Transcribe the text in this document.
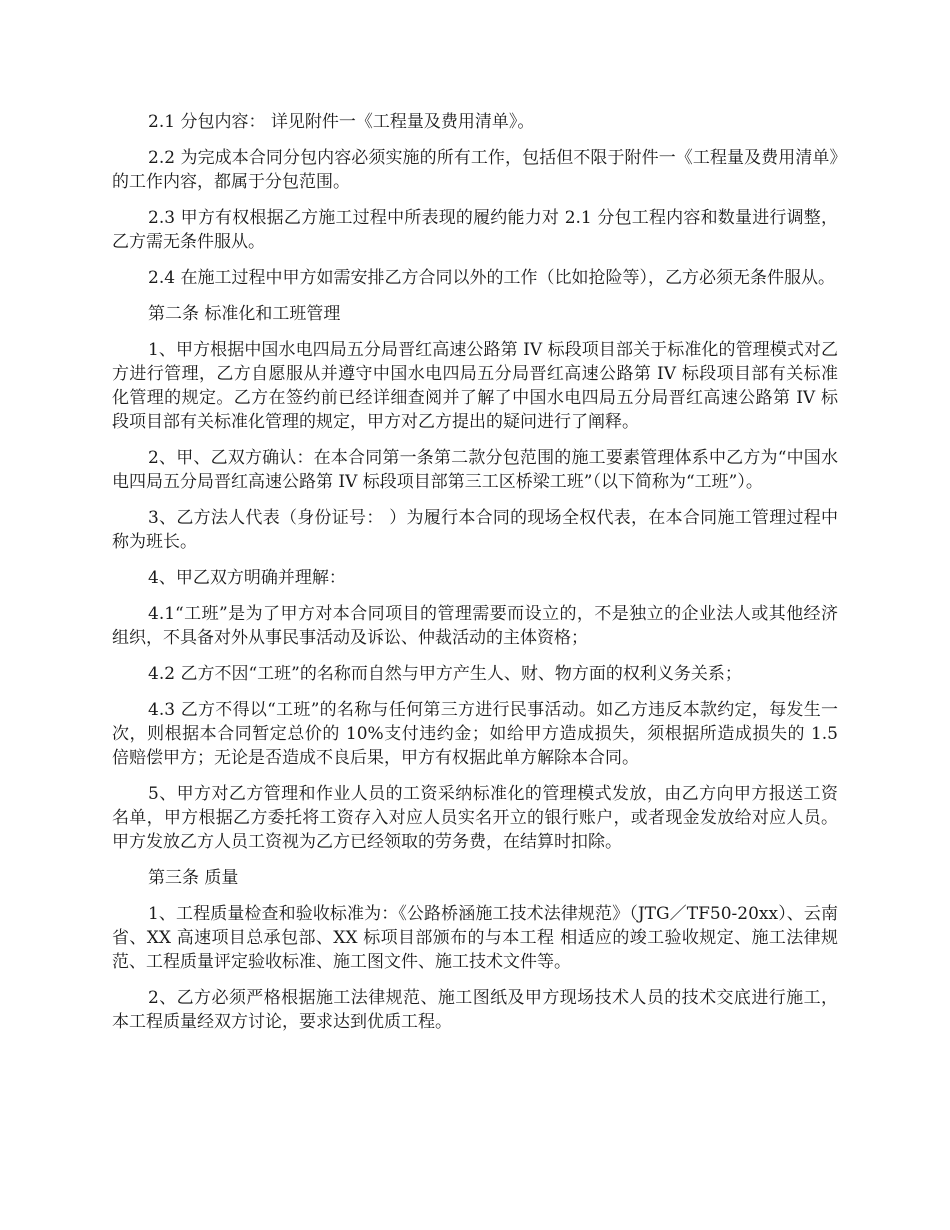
2.1 分包内容： 详见附件一《工程量及费用清单》。

2.2 为完成本合同分包内容必须实施的所有工作，包括但不限于附件一《工程量及费用清单》的工作内容，都属于分包范围。

2.3 甲方有权根据乙方施工过程中所表现的履约能力对 2.1 分包工程内容和数量进行调整，乙方需无条件服从。

2.4 在施工过程中甲方如需安排乙方合同以外的工作（比如抢险等），乙方必须无条件服从。

第二条 标准化和工班管理

1、甲方根据中国水电四局五分局晋红高速公路第 IV 标段项目部关于标准化的管理模式对乙方进行管理，乙方自愿服从并遵守中国水电四局五分局晋红高速公路第 IV 标段项目部有关标准化管理的规定。乙方在签约前已经详细查阅并了解了中国水电四局五分局晋红高速公路第 IV 标段项目部有关标准化管理的规定，甲方对乙方提出的疑问进行了阐释。

2、甲、乙双方确认：在本合同第一条第二款分包范围的施工要素管理体系中乙方为“中国水电四局五分局晋红高速公路第 IV 标段项目部第三工区桥梁工班”（以下简称为“工班”）。

3、乙方法人代表（身份证号： ）为履行本合同的现场全权代表，在本合同施工管理过程中称为班长。

4、甲乙双方明确并理解：

4.1“工班”是为了甲方对本合同项目的管理需要而设立的，不是独立的企业法人或其他经济组织，不具备对外从事民事活动及诉讼、仲裁活动的主体资格；

4.2 乙方不因“工班”的名称而自然与甲方产生人、财、物方面的权利义务关系；

4.3 乙方不得以“工班”的名称与任何第三方进行民事活动。如乙方违反本款约定，每发生一次，则根据本合同暂定总价的 10%支付违约金；如给甲方造成损失，须根据所造成损失的 1.5 倍赔偿甲方；无论是否造成不良后果，甲方有权据此单方解除本合同。

5、甲方对乙方管理和作业人员的工资采纳标准化的管理模式发放，由乙方向甲方报送工资名单，甲方根据乙方委托将工资存入对应人员实名开立的银行账户，或者现金发放给对应人员。甲方发放乙方人员工资视为乙方已经领取的劳务费，在结算时扣除。

第三条 质量

1、工程质量检查和验收标准为：《公路桥涵施工技术法律规范》（JTG／TF50-20xx）、云南省、XX 高速项目总承包部、XX 标项目部颁布的与本工程 相适应的竣工验收规定、施工法律规范、工程质量评定验收标准、施工图文件、施工技术文件等。

2、乙方必须严格根据施工法律规范、施工图纸及甲方现场技术人员的技术交底进行施工，本工程质量经双方讨论，要求达到优质工程。
